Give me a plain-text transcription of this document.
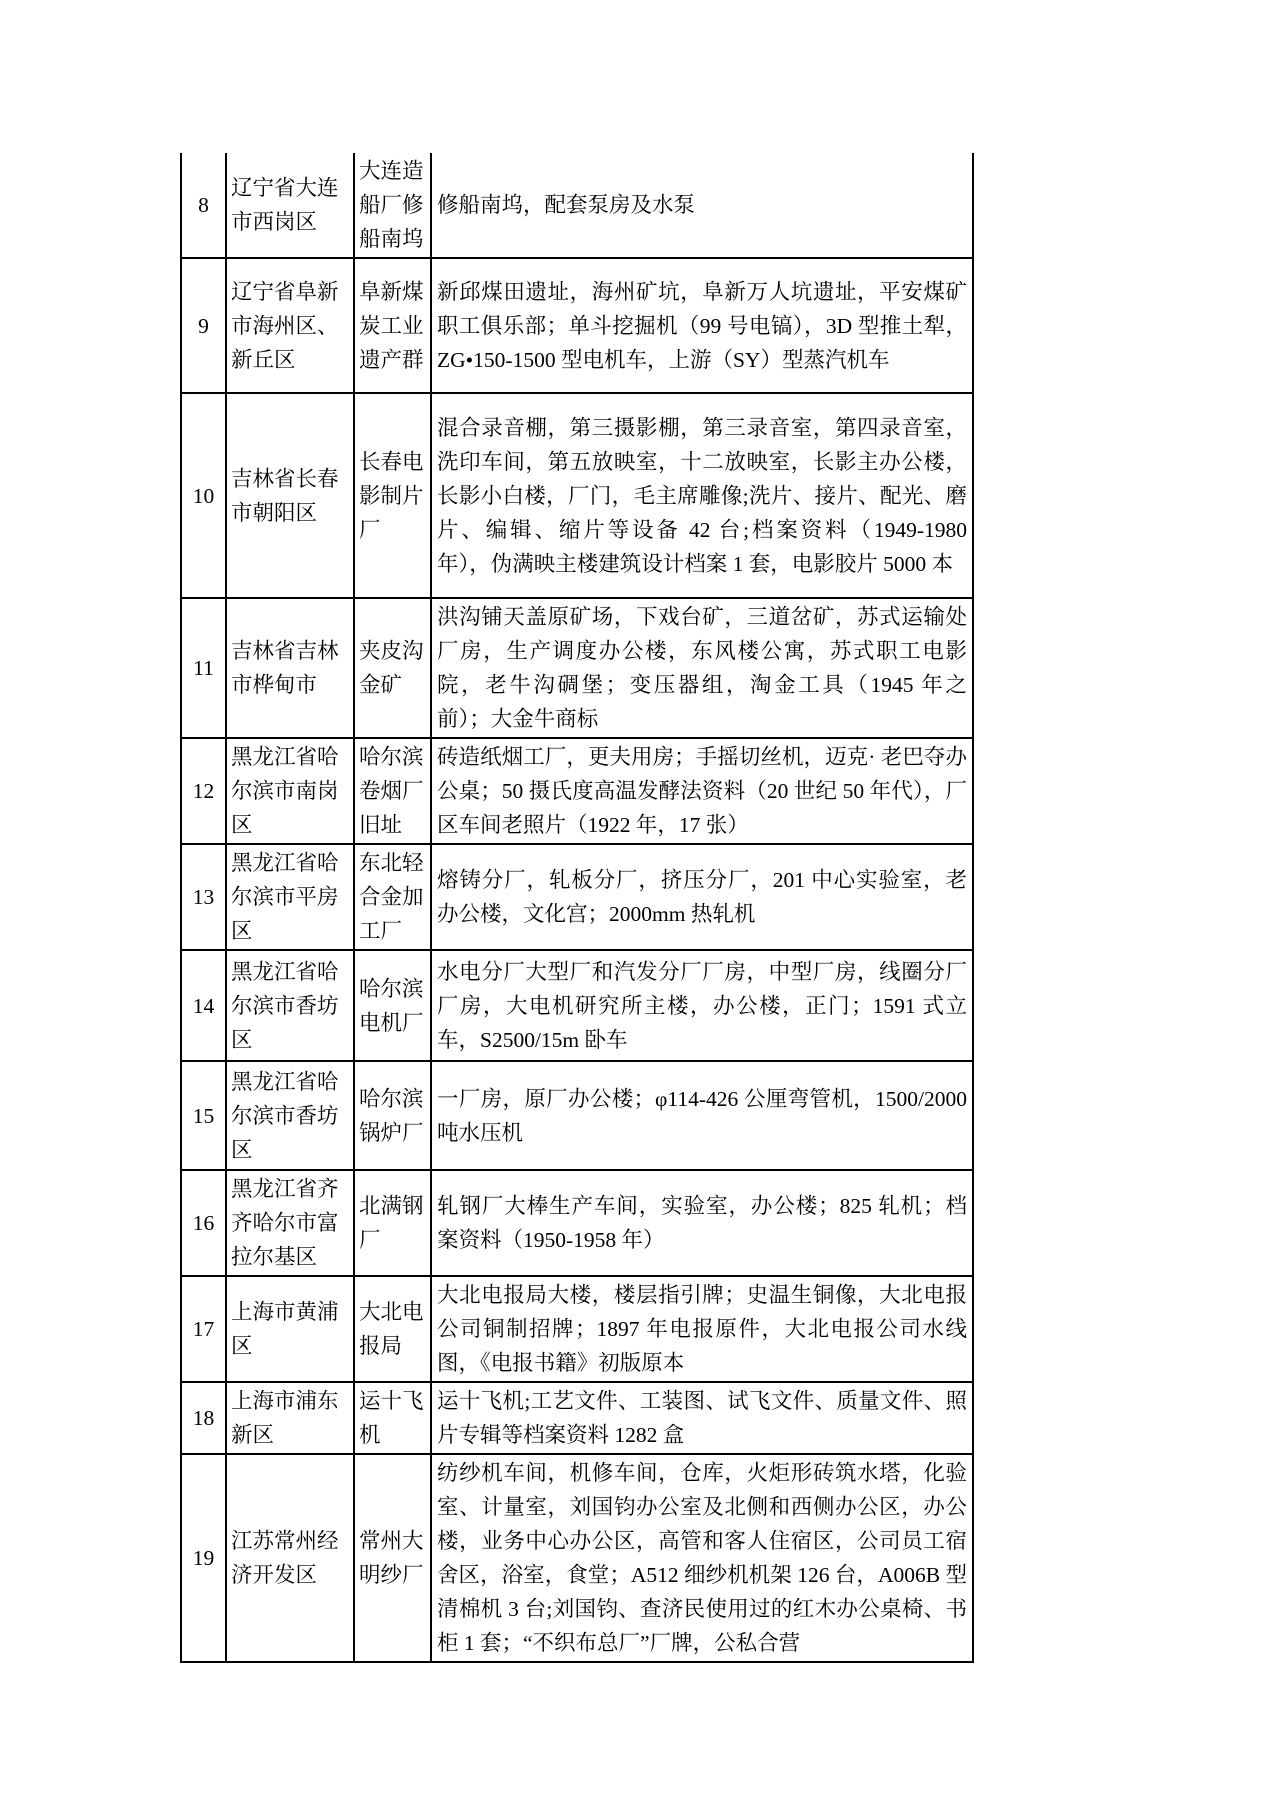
8	辽宁省大连市西岗区	大连造船厂修船南坞	修船南坞，配套泵房及水泵
9	辽宁省阜新市海州区、新丘区	阜新煤炭工业遗产群	新邱煤田遗址，海州矿坑，阜新万人坑遗址，平安煤矿职工俱乐部；单斗挖掘机（99 号电镐），3D 型推土犁，ZG•150-1500 型电机车，上游（SY）型蒸汽机车
10	吉林省长春市朝阳区	长春电影制片厂	混合录音棚，第三摄影棚，第三录音室，第四录音室，洗印车间，第五放映室，十二放映室，长影主办公楼，长影小白楼，厂门，毛主席雕像;洗片、接片、配光、磨片、编辑、缩片等设备 42 台;档案资料（1949-1980 年），伪满映主楼建筑设计档案 1 套，电影胶片 5000 本
11	吉林省吉林市桦甸市	夹皮沟金矿	洪沟铺天盖原矿场，下戏台矿，三道岔矿，苏式运输处厂房，生产调度办公楼，东风楼公寓，苏式职工电影院，老牛沟碉堡；变压器组，淘金工具（1945 年之前）；大金牛商标
12	黑龙江省哈尔滨市南岗区	哈尔滨卷烟厂旧址	砖造纸烟工厂，更夫用房；手摇切丝机，迈克· 老巴夺办公桌；50 摄氏度高温发酵法资料（20 世纪 50 年代），厂区车间老照片（1922 年，17 张）
13	黑龙江省哈尔滨市平房区	东北轻合金加工厂	熔铸分厂，轧板分厂，挤压分厂，201 中心实验室，老办公楼，文化宫；2000mm 热轧机
14	黑龙江省哈尔滨市香坊区	哈尔滨电机厂	水电分厂大型厂和汽发分厂厂房，中型厂房，线圈分厂厂房，大电机研究所主楼，办公楼，正门；1591 式立车，S2500/15m 卧车
15	黑龙江省哈尔滨市香坊区	哈尔滨锅炉厂	一厂房，原厂办公楼；φ114-426 公厘弯管机，1500/2000 吨水压机
16	黑龙江省齐齐哈尔市富拉尔基区	北满钢厂	轧钢厂大棒生产车间，实验室，办公楼；825 轧机；档案资料（1950-1958 年）
17	上海市黄浦区	大北电报局	大北电报局大楼，楼层指引牌；史温生铜像，大北电报公司铜制招牌；1897 年电报原件，大北电报公司水线图，《电报书籍》初版原本
18	上海市浦东新区	运十飞机	运十飞机;工艺文件、工装图、试飞文件、质量文件、照片专辑等档案资料 1282 盒
19	江苏常州经济开发区	常州大明纱厂	纺纱机车间，机修车间，仓库，火炬形砖筑水塔，化验室、计量室，刘国钧办公室及北侧和西侧办公区，办公楼，业务中心办公区，高管和客人住宿区，公司员工宿舍区，浴室，食堂；A512 细纱机机架 126 台，A006B 型清棉机 3 台;刘国钧、查济民使用过的红木办公桌椅、书柜 1 套；“不织布总厂”厂牌，公私合营
